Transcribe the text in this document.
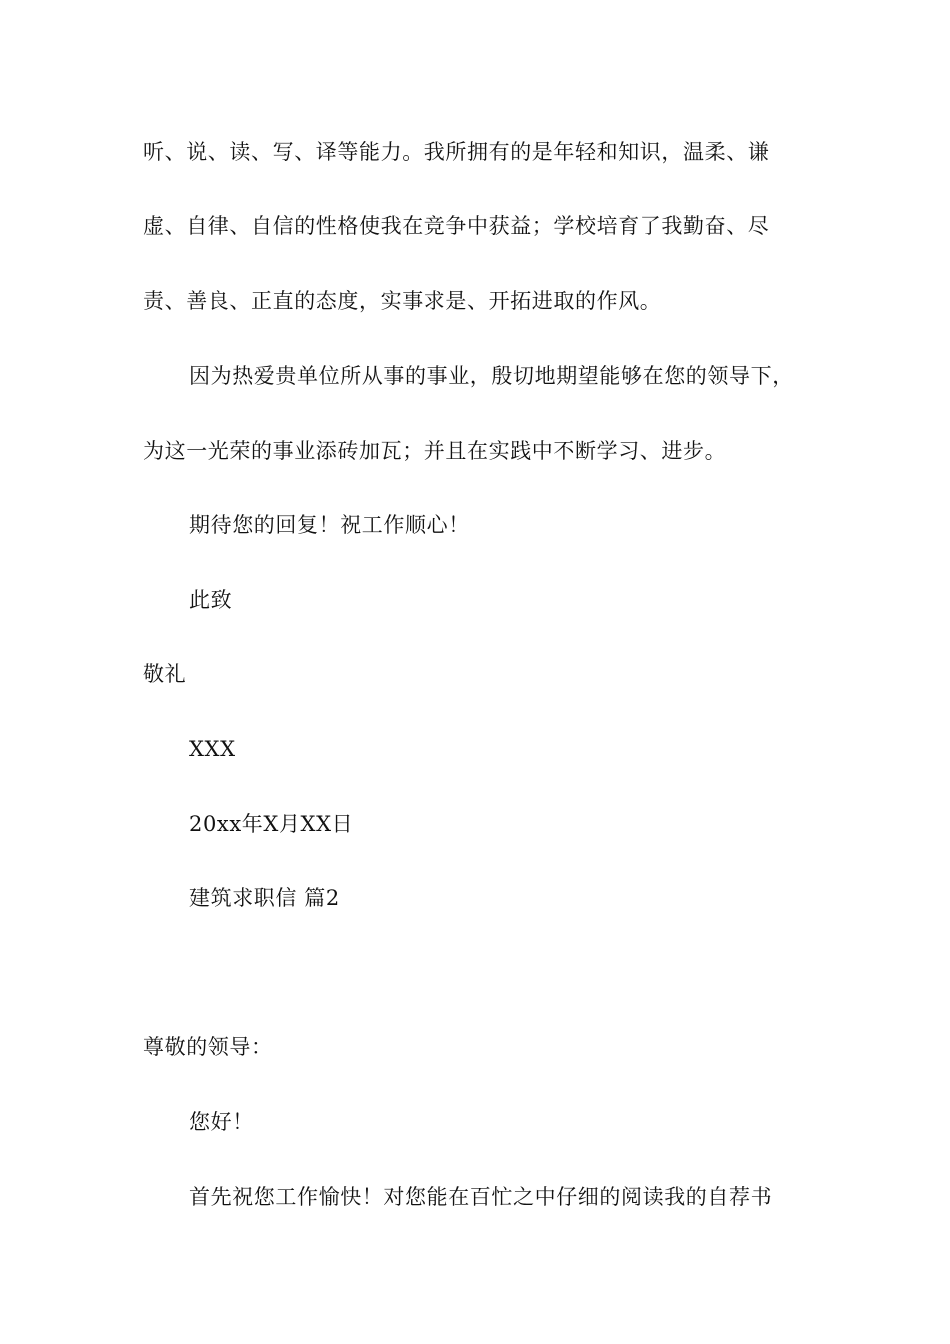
听、说、读、写、译等能力。我所拥有的是年轻和知识，温柔、谦
虚、自律、自信的性格使我在竞争中获益；学校培育了我勤奋、尽
责、善良、正直的态度，实事求是、开拓进取的作风。
因为热爱贵单位所从事的事业，殷切地期望能够在您的领导下，
为这一光荣的事业添砖加瓦；并且在实践中不断学习、进步。
期待您的回复！祝工作顺心！
此致
敬礼
XXX
20xx年X月XX日
建筑求职信 篇2
尊敬的领导：
您好！
首先祝您工作愉快！对您能在百忙之中仔细的阅读我的自荐书
